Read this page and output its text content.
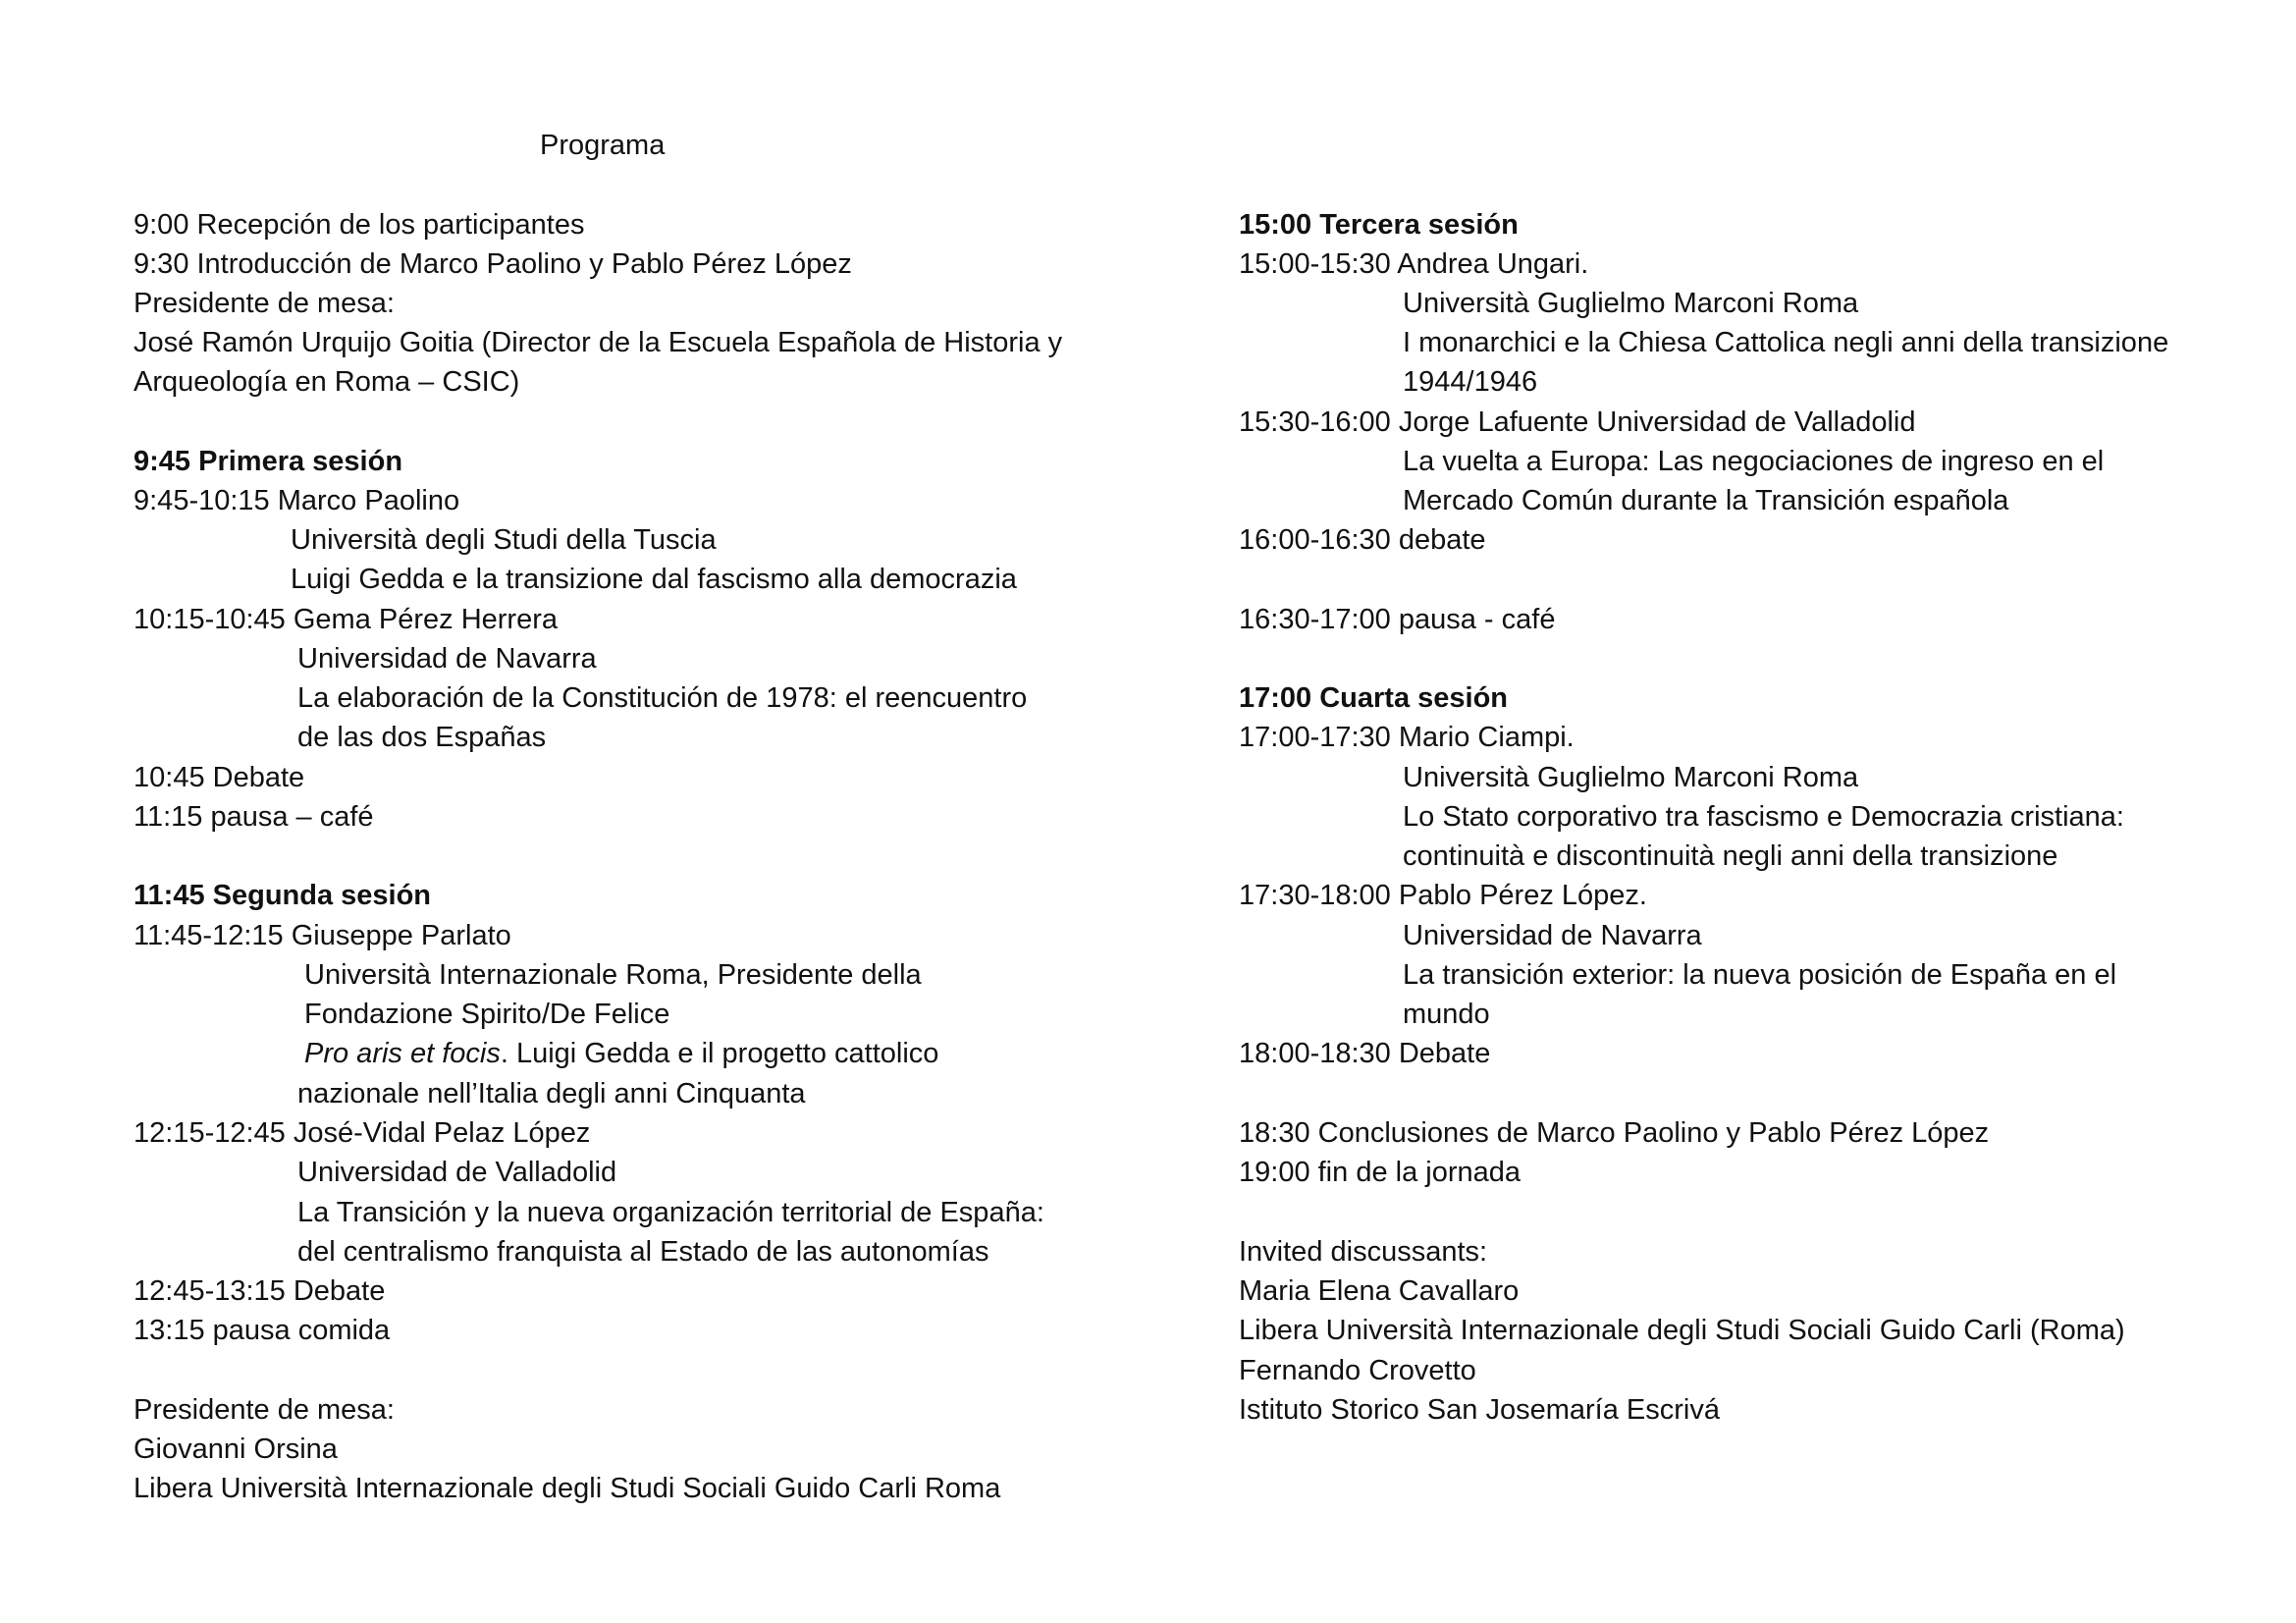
Programa
9:00 Recepción de los participantes
9:30 Introducción de Marco Paolino y Pablo Pérez López
Presidente de mesa:
José Ramón Urquijo Goitia (Director de la Escuela Española de Historia y
Arqueología en Roma – CSIC)
9:45 Primera sesión
9:45-10:15 Marco Paolino
Università degli Studi della Tuscia
Luigi Gedda e la transizione dal fascismo alla democrazia
10:15-10:45 Gema Pérez Herrera
Universidad de Navarra
La elaboración de la Constitución de 1978: el reencuentro
de las dos Españas
10:45 Debate
11:15 pausa – café
11:45 Segunda sesión
11:45-12:15 Giuseppe Parlato
Università Internazionale Roma, Presidente della
Fondazione Spirito/De Felice
Pro aris et focis. Luigi Gedda e il progetto cattolico
nazionale nell’Italia degli anni Cinquanta
12:15-12:45 José-Vidal Pelaz López
Universidad de Valladolid
La Transición y la nueva organización territorial de España:
del centralismo franquista al Estado de las autonomías
12:45-13:15 Debate
13:15 pausa comida
Presidente de mesa:
Giovanni Orsina
Libera Università Internazionale degli Studi Sociali Guido Carli Roma
15:00 Tercera sesión
15:00-15:30 Andrea Ungari.
Università Guglielmo Marconi Roma
I monarchici e la Chiesa Cattolica negli anni della transizione
1944/1946
15:30-16:00 Jorge Lafuente Universidad de Valladolid
La vuelta a Europa: Las negociaciones de ingreso en el
Mercado Común durante la Transición española
16:00-16:30 debate
16:30-17:00 pausa - café
17:00 Cuarta sesión
17:00-17:30 Mario Ciampi.
Università Guglielmo Marconi Roma
Lo Stato corporativo tra fascismo e Democrazia cristiana:
continuità e discontinuità negli anni della transizione
17:30-18:00 Pablo Pérez López.
Universidad de Navarra
La transición exterior: la nueva posición de España en el
mundo
18:00-18:30 Debate
18:30 Conclusiones de Marco Paolino y Pablo Pérez López
19:00 fin de la jornada
Invited discussants:
Maria Elena Cavallaro
Libera Università Internazionale degli Studi Sociali Guido Carli (Roma)
Fernando Crovetto
Istituto Storico San Josemaría Escrivá
